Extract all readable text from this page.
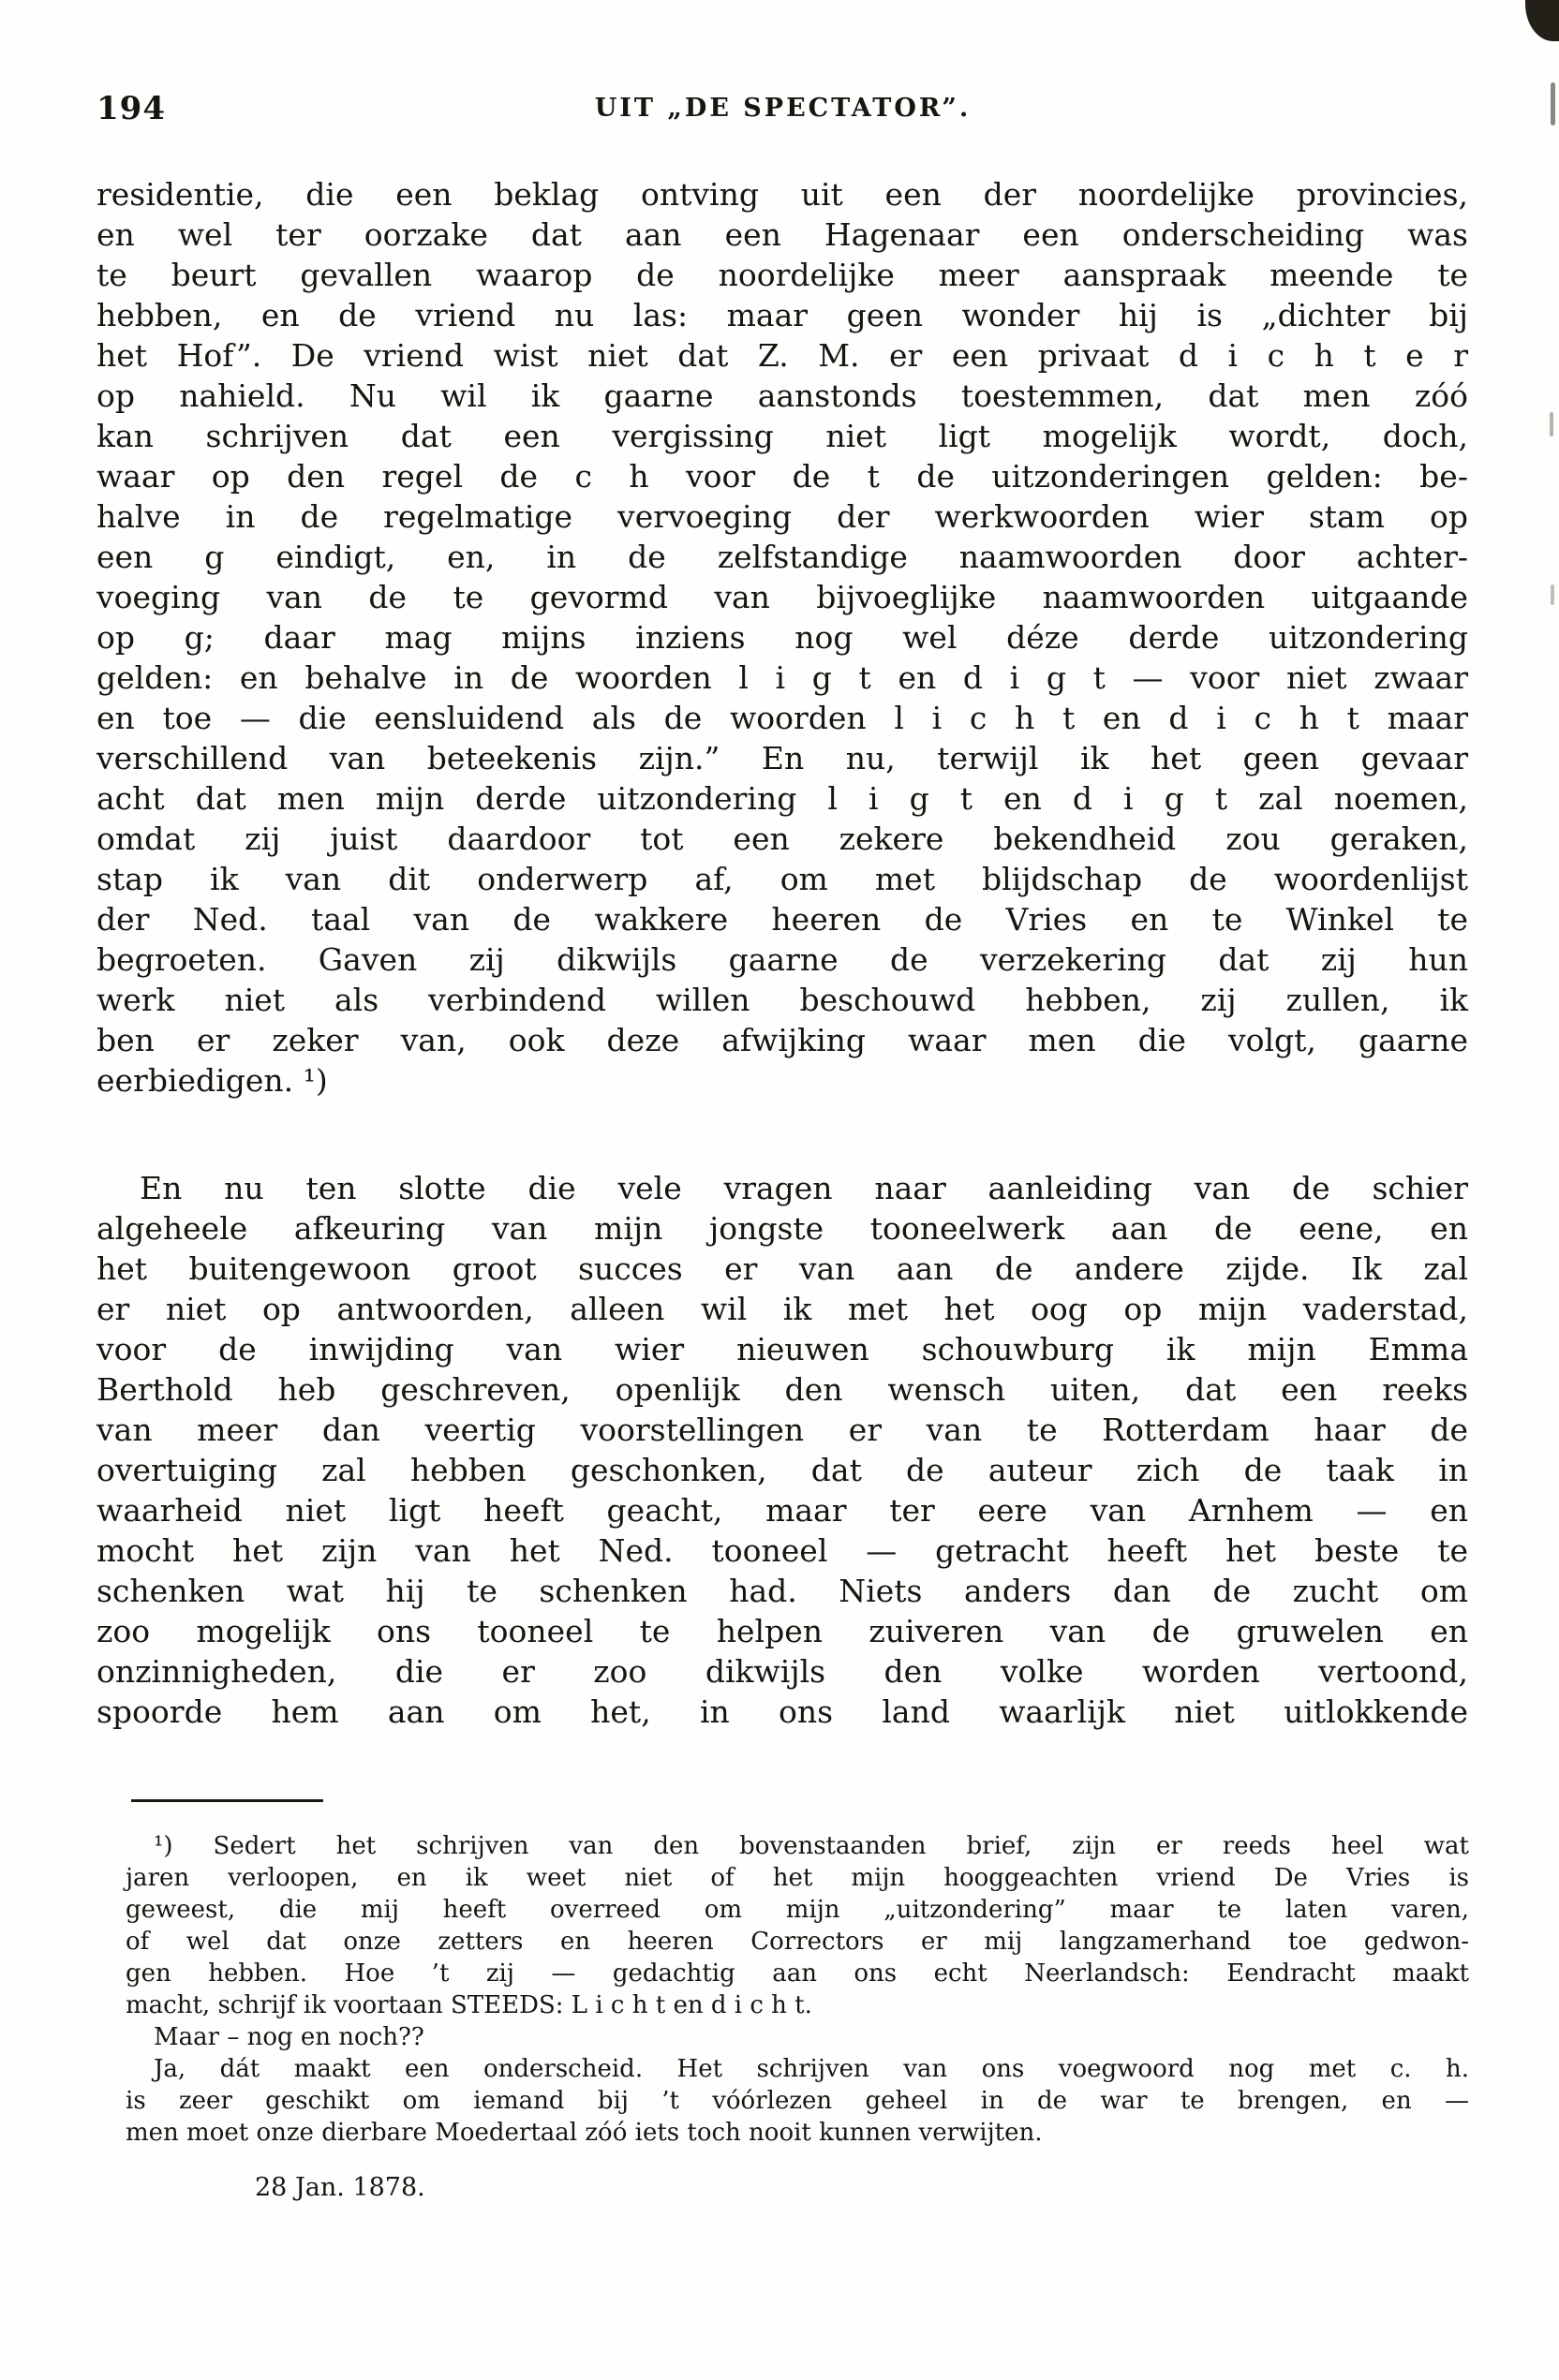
194	UIT „DE SPECTATOR”.
residentie, die een beklag ontving uit een der noordelijke provincies,
en wel ter oorzake dat aan een Hagenaar een onderscheiding was
te beurt gevallen waarop de noordelijke meer aanspraak meende te
hebben, en de vriend nu las: maar geen wonder hij is „dichter bij
het Hof”. De vriend wist niet dat Z. M. er een privaat d i c h t e r
op nahield. Nu wil ik gaarne aanstonds toestemmen, dat men zóó
kan schrijven dat een vergissing niet ligt mogelijk wordt, doch,
waar op den regel de c h voor de t de uitzonderingen gelden: be-
halve in de regelmatige vervoeging der werkwoorden wier stam op
een g eindigt, en, in de zelfstandige naamwoorden door achter-
voeging van de te gevormd van bijvoeglijke naamwoorden uitgaande
op g; daar mag mijns inziens nog wel déze derde uitzondering
gelden: en behalve in de woorden l i g t en d i g t — voor niet zwaar
en toe — die eensluidend als de woorden l i c h t en d i c h t maar
verschillend van beteekenis zijn.” En nu, terwijl ik het geen gevaar
acht dat men mijn derde uitzondering l i g t en d i g t zal noemen,
omdat zij juist daardoor tot een zekere bekendheid zou geraken,
stap ik van dit onderwerp af, om met blijdschap de woordenlijst
der Ned. taal van de wakkere heeren de Vries en te Winkel te
begroeten. Gaven zij dikwijls gaarne de verzekering dat zij hun
werk niet als verbindend willen beschouwd hebben, zij zullen, ik
ben er zeker van, ook deze afwijking waar men die volgt, gaarne
eerbiedigen. ¹)
En nu ten slotte die vele vragen naar aanleiding van de schier
algeheele afkeuring van mijn jongste tooneelwerk aan de eene, en
het buitengewoon groot succes er van aan de andere zijde. Ik zal
er niet op antwoorden, alleen wil ik met het oog op mijn vaderstad,
voor de inwijding van wier nieuwen schouwburg ik mijn Emma
Berthold heb geschreven, openlijk den wensch uiten, dat een reeks
van meer dan veertig voorstellingen er van te Rotterdam haar de
overtuiging zal hebben geschonken, dat de auteur zich de taak in
waarheid niet ligt heeft geacht, maar ter eere van Arnhem — en
mocht het zijn van het Ned. tooneel — getracht heeft het beste te
schenken wat hij te schenken had. Niets anders dan de zucht om
zoo mogelijk ons tooneel te helpen zuiveren van de gruwelen en
onzinnigheden, die er zoo dikwijls den volke worden vertoond,
spoorde hem aan om het, in ons land waarlijk niet uitlokkende
¹) Sedert het schrijven van den bovenstaanden brief, zijn er reeds heel wat
jaren verloopen, en ik weet niet of het mijn hooggeachten vriend De Vries is
geweest, die mij heeft overreed om mijn „uitzondering” maar te laten varen,
of wel dat onze zetters en heeren Correctors er mij langzamerhand toe gedwon-
gen hebben. Hoe ’t zij — gedachtig aan ons echt Neerlandsch: Eendracht maakt
macht, schrijf ik voortaan STEEDS: L i c h t en d i c h t.
Maar – nog en noch??
Ja, dát maakt een onderscheid. Het schrijven van ons voegwoord nog met c. h.
is zeer geschikt om iemand bij ’t vóórlezen geheel in de war te brengen, en —
men moet onze dierbare Moedertaal zóó iets toch nooit kunnen verwijten.
28 Jan. 1878.
